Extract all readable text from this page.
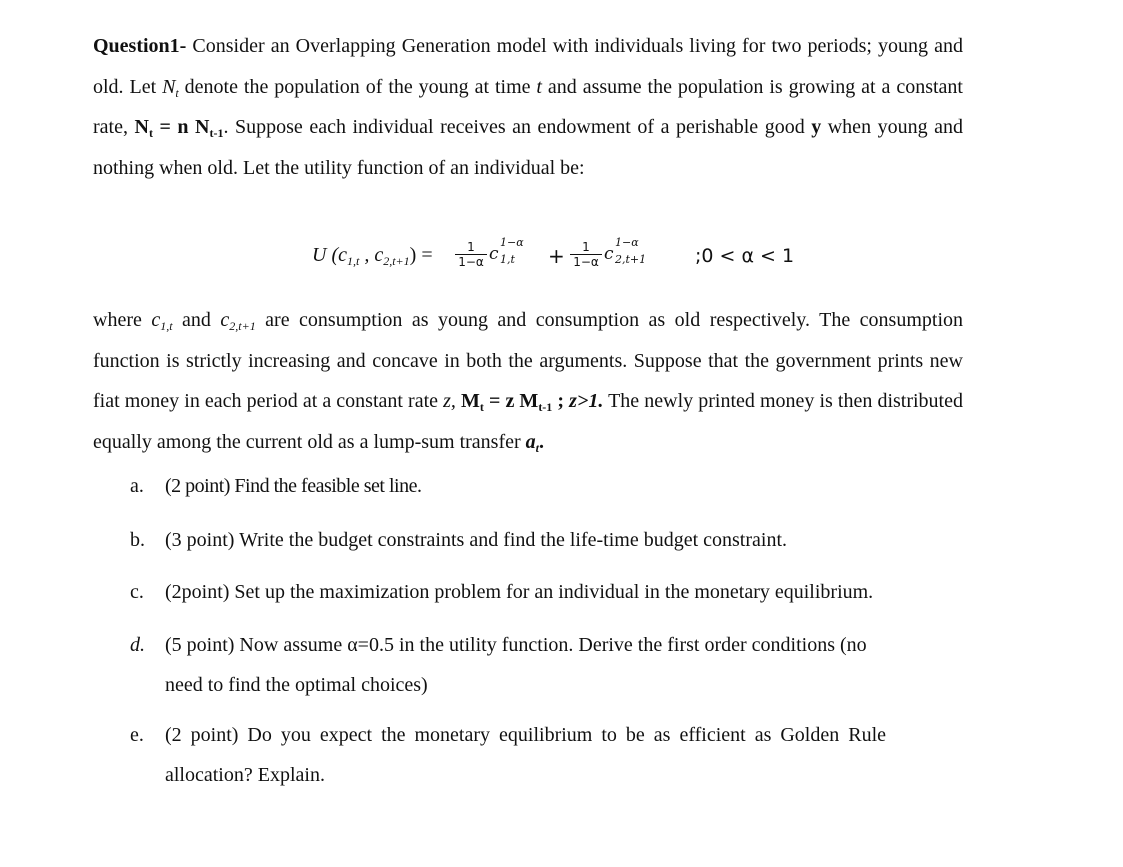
Question1- Consider an Overlapping Generation model with individuals living for two periods; young and old. Let $N_t$ denote the population of the young at time t and assume the population is growing at a constant rate, $N_t = n$ $N_{t-1}$. Suppose each individual receives an endowment of a perishable good y when young and nothing when old. Let the utility function of an individual be:

U ($c_{1,t}$ , $c_{2,t+1}$) =	1
1−α c
1−α
1,t +	1
1−α c
1−α
2,t+1	;0 < α < 1

where $c_{1,t}$ and $c_{2,t+1}$ are consumption as young and consumption as old respectively. The consumption function is strictly increasing and concave in both the arguments. Suppose that the government prints new fiat money in each period at a constant rate z, $M_t = z$ $M_{t-1}$ ; z>1. The newly printed money is then distributed equally among the current old as a lump-sum transfer $a_t$.

a.	(2 point) Find the feasible set line.
b.	(3 point) Write the budget constraints and find the life-time budget constraint.
c.	(2point) Set up the maximization problem for an individual in the monetary equilibrium.
d.	(5 point) Now assume α=0.5 in the utility function. Derive the first order conditions (no
need to find the optimal choices)
e.	(2 point) Do you expect the monetary equilibrium to be as efficient as Golden Rule
allocation? Explain.
